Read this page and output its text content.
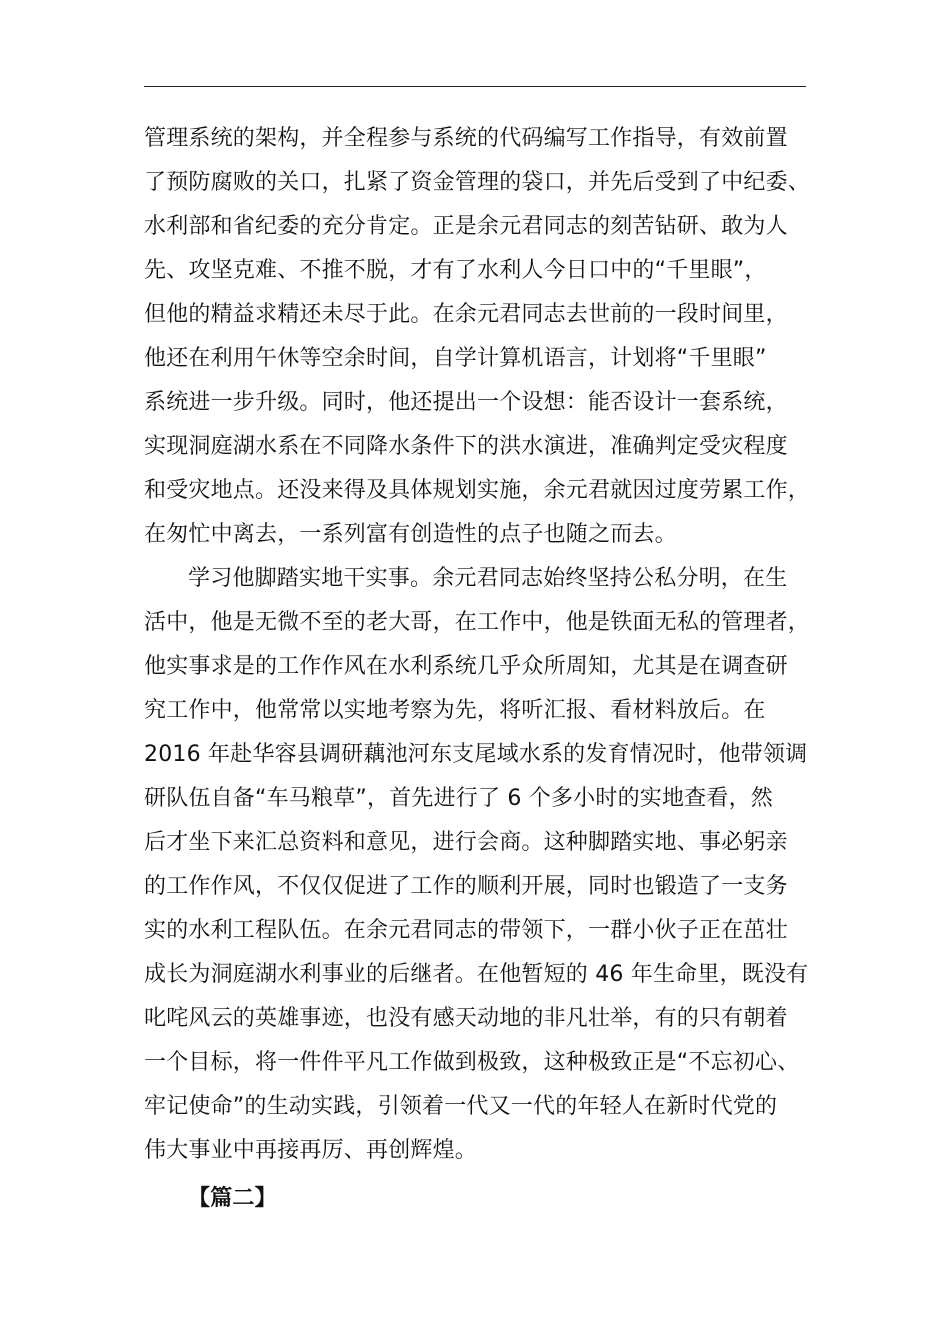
管理系统的架构，并全程参与系统的代码编写工作指导，有效前置
了预防腐败的关口，扎紧了资金管理的袋口，并先后受到了中纪委、
水利部和省纪委的充分肯定。正是余元君同志的刻苦钻研、敢为人
先、攻坚克难、不推不脱，才有了水利人今日口中的“千里眼”，
但他的精益求精还未尽于此。在余元君同志去世前的一段时间里，
他还在利用午休等空余时间，自学计算机语言，计划将“千里眼”
系统进一步升级。同时，他还提出一个设想：能否设计一套系统，
实现洞庭湖水系在不同降水条件下的洪水演进，准确判定受灾程度
和受灾地点。还没来得及具体规划实施，余元君就因过度劳累工作，
在匆忙中离去，一系列富有创造性的点子也随之而去。
学习他脚踏实地干实事。余元君同志始终坚持公私分明，在生
活中，他是无微不至的老大哥，在工作中，他是铁面无私的管理者，
他实事求是的工作作风在水利系统几乎众所周知，尤其是在调查研
究工作中，他常常以实地考察为先，将听汇报、看材料放后。在
2016 年赴华容县调研藕池河东支尾域水系的发育情况时，他带领调
研队伍自备“车马粮草”，首先进行了 6 个多小时的实地查看，然
后才坐下来汇总资料和意见，进行会商。这种脚踏实地、事必躬亲
的工作作风，不仅仅促进了工作的顺利开展，同时也锻造了一支务
实的水利工程队伍。在余元君同志的带领下，一群小伙子正在茁壮
成长为洞庭湖水利事业的后继者。在他暂短的 46 年生命里，既没有
叱咤风云的英雄事迹，也没有感天动地的非凡壮举，有的只有朝着
一个目标，将一件件平凡工作做到极致，这种极致正是“不忘初心、
牢记使命”的生动实践，引领着一代又一代的年轻人在新时代党的
伟大事业中再接再厉、再创辉煌。
【篇二】
